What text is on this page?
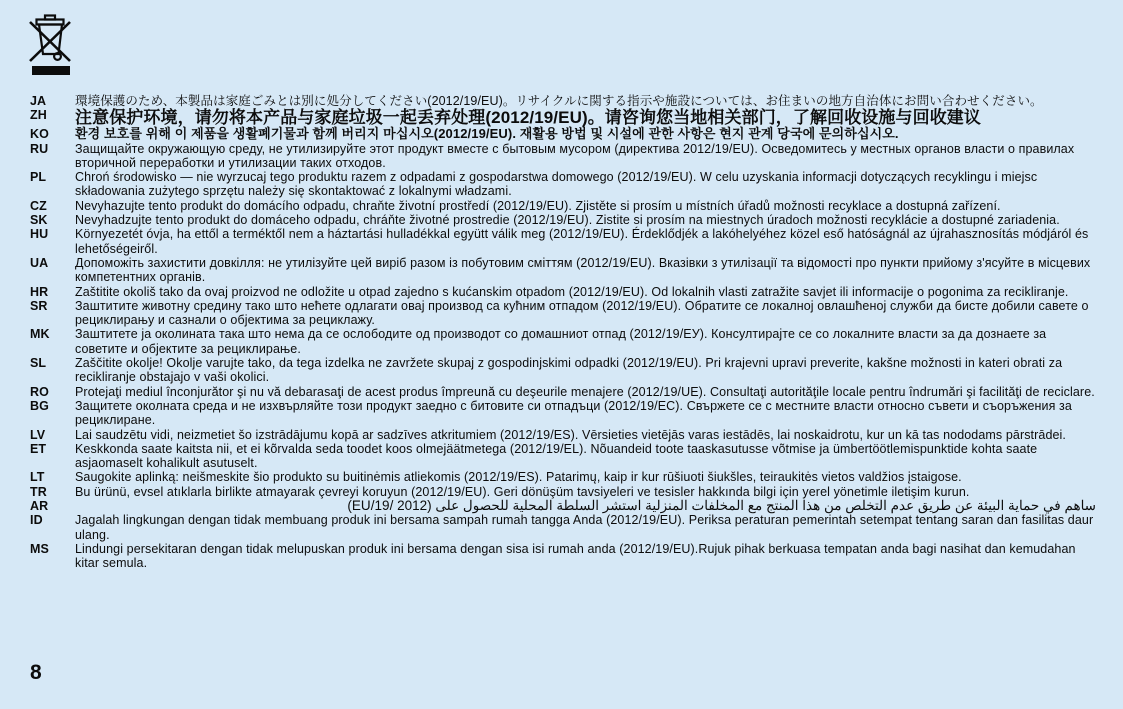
JA	環境保護のため、本製品は家庭ごみとは別に処分してください(2012/19/EU)。リサイクルに関する指示や施設については、お住まいの地方自治体にお問い合わせください。
ZH	注意保护环境，请勿将本产品与家庭垃圾一起丢弃处理(2012/19/EU)。请咨询您当地相关部门，了解回收设施与回收建议
KO	환경 보호를 위해 이 제품을 생활폐기물과 함께 버리지 마십시오(2012/19/EU). 재활용 방법 및 시설에 관한 사항은 현지 관계 당국에 문의하십시오.
RU	Защищайте окружающую среду, не утилизируйте этот продукт вместе с бытовым мусором (директива 2012/19/EU). Осведомитесь у местных органов власти о правилах вторичной переработки и утилизации таких отходов.
PL	Chroń środowisko — nie wyrzucaj tego produktu razem z odpadami z gospodarstwa domowego (2012/19/EU). W celu uzyskania informacji dotyczących recyklingu i miejsc składowania zużytego sprzętu należy się skontaktować z lokalnymi władzami.
CZ	Nevyhazujte tento produkt do domácího odpadu, chraňte životní prostředí (2012/19/EU). Zjistěte si prosím u místních úřadů možnosti recyklace a dostupná zařízení.
SK	Nevyhadzujte tento produkt do domáceho odpadu, chráňte životné prostredie (2012/19/EU). Zistite si prosím na miestnych úradoch možnosti recyklácie a dostupné zariadenia.
HU	Környezetét óvja, ha ettől a terméktől nem a háztartási hulladékkal együtt válik meg (2012/19/EU). Érdeklődjék a lakóhelyéhez közel eső hatóságnál az újrahasznosítás módjáról és lehetőségeiről.
UA	Допоможіть захистити довкілля: не утилізуйте цей виріб разом із побутовим сміттям (2012/19/EU). Вказівки з утилізації та відомості про пункти прийому з'ясуйте в місцевих компетентних органів.
HR	Zaštitite okoliš tako da ovaj proizvod ne odložite u otpad zajedno s kućanskim otpadom (2012/19/EU). Od lokalnih vlasti zatražite savjet ili informacije o pogonima za recikliranje.
SR	Заштитите животну средину тако што нећете одлагати овај производ са кућним отпадом (2012/19/EU). Обратите се локалној овлашћеној служби да бисте добили савете о рециклирању и сазнали о објектима за рециклажу.
MK	Заштитете ја околината така што нема да се ослободите од производот со домашниот отпад (2012/19/ЕУ). Консултирајте се со локалните власти за да дознаете за советите и објектите за рециклирање.
SL	Zaščitite okolje! Okolje varujte tako, da tega izdelka ne zavržete skupaj z gospodinjskimi odpadki (2012/19/EU). Pri krajevni upravi preverite, kakšne možnosti in kateri obrati za recikliranje obstajajo v vaši okolici.
RO	Protejaţi mediul înconjurător şi nu vă debarasaţi de acest produs împreună cu deşeurile menajere (2012/19/UE). Consultaţi autorităţile locale pentru îndrumări şi facilităţi de reciclare.
BG	Защитете околната среда и не изхвърляйте този продукт заедно с битовите си отпадъци (2012/19/EC). Свържете се с местните власти относно съвети и съоръжения за рециклиране.
LV	Lai saudzētu vidi, neizmetiet šo izstrādājumu kopā ar sadzīves atkritumiem (2012/19/ES). Vērsieties vietējās varas iestādēs, lai noskaidrotu, kur un kā tas nododams pārstrādei.
ET	Keskkonda saate kaitsta nii, et ei kõrvalda seda toodet koos olmejäätmetega (2012/19/EL). Nõuandeid toote taaskasutusse võtmise ja ümbertöötlemispunktide kohta saate asjaomaselt kohalikult asutuselt.
LT	Saugokite aplinką: neišmeskite šio produkto su buitinėmis atliekomis (2012/19/ES). Patarimų, kaip ir kur rūšiuoti šiukšles, teiraukitės vietos valdžios įstaigose.
TR	Bu ürünü, evsel atıklarla birlikte atmayarak çevreyi koruyun (2012/19/EU). Geri dönüşüm tavsiyeleri ve tesisler hakkında bilgi için yerel yönetimle iletişim kurun.
AR	ساهم في حماية البيئة عن طريق عدم التخلص من هذا المنتج مع المخلفات المنزلية استشر السلطة المحلية للحصول على (2012 /19/EU)
ID	Jagalah lingkungan dengan tidak membuang produk ini bersama sampah rumah tangga Anda (2012/19/EU). Periksa peraturan pemerintah setempat tentang saran dan fasilitas daur ulang.
MS	Lindungi persekitaran dengan tidak melupuskan produk ini bersama dengan sisa isi rumah anda (2012/19/EU).Rujuk pihak berkuasa tempatan anda bagi nasihat dan kemudahan kitar semula.
8
